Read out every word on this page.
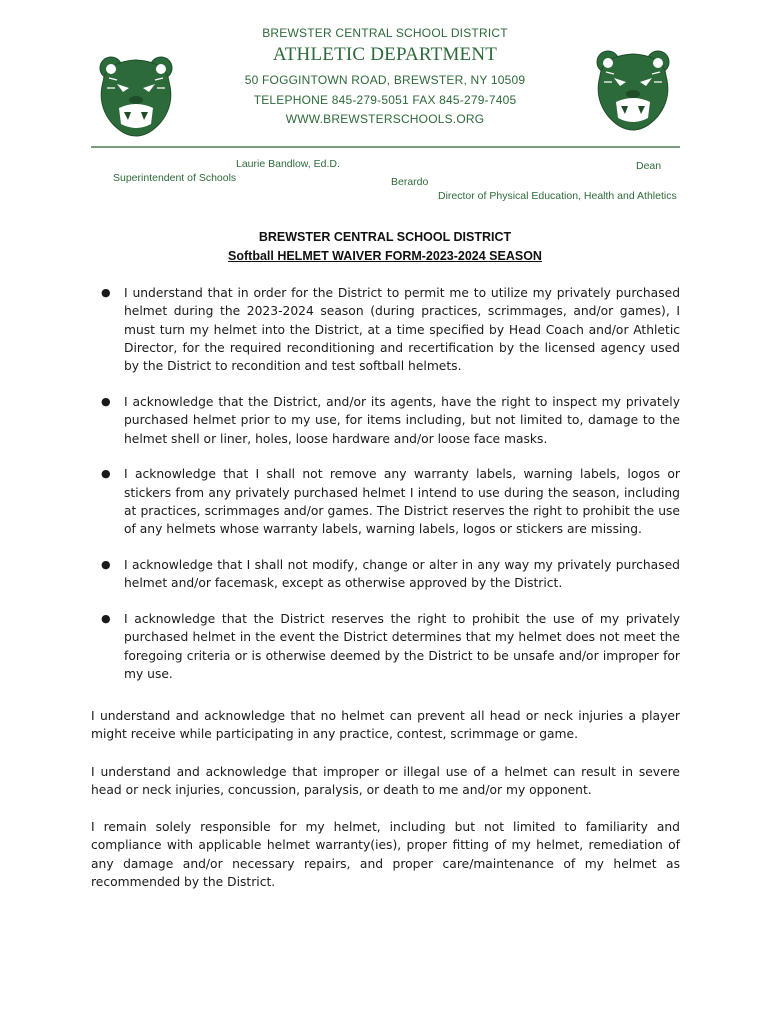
BREWSTER CENTRAL SCHOOL DISTRICT
ATHLETIC DEPARTMENT
50 FOGGINTOWN ROAD, BREWSTER, NY 10509
TELEPHONE 845-279-5051 FAX 845-279-7405
WWW.BREWSTERSCHOOLS.ORG
Laurie Bandlow, Ed.D.
Superintendent of Schools
Dean
Berardo
Director of Physical Education, Health and Athletics
BREWSTER CENTRAL SCHOOL DISTRICT
Softball HELMET WAIVER FORM-2023-2024 SEASON
● I understand that in order for the District to permit me to utilize my privately purchased helmet during the 2023-2024 season (during practices, scrimmages, and/or games), I must turn my helmet into the District, at a time specified by Head Coach and/or Athletic Director, for the required reconditioning and recertification by the licensed agency used by the District to recondition and test softball helmets.
● I acknowledge that the District, and/or its agents, have the right to inspect my privately purchased helmet prior to my use, for items including, but not limited to, damage to the helmet shell or liner, holes, loose hardware and/or loose face masks.
● I acknowledge that I shall not remove any warranty labels, warning labels, logos or stickers from any privately purchased helmet I intend to use during the season, including at practices, scrimmages and/or games. The District reserves the right to prohibit the use of any helmets whose warranty labels, warning labels, logos or stickers are missing.
● I acknowledge that I shall not modify, change or alter in any way my privately purchased helmet and/or facemask, except as otherwise approved by the District.
● I acknowledge that the District reserves the right to prohibit the use of my privately purchased helmet in the event the District determines that my helmet does not meet the foregoing criteria or is otherwise deemed by the District to be unsafe and/or improper for my use.

I understand and acknowledge that no helmet can prevent all head or neck injuries a player might receive while participating in any practice, contest, scrimmage or game.

I understand and acknowledge that improper or illegal use of a helmet can result in severe head or neck injuries, concussion, paralysis, or death to me and/or my opponent.

I remain solely responsible for my helmet, including but not limited to familiarity and compliance with applicable helmet warranty(ies), proper fitting of my helmet, remediation of any damage and/or necessary repairs, and proper care/maintenance of my helmet as recommended by the District.
